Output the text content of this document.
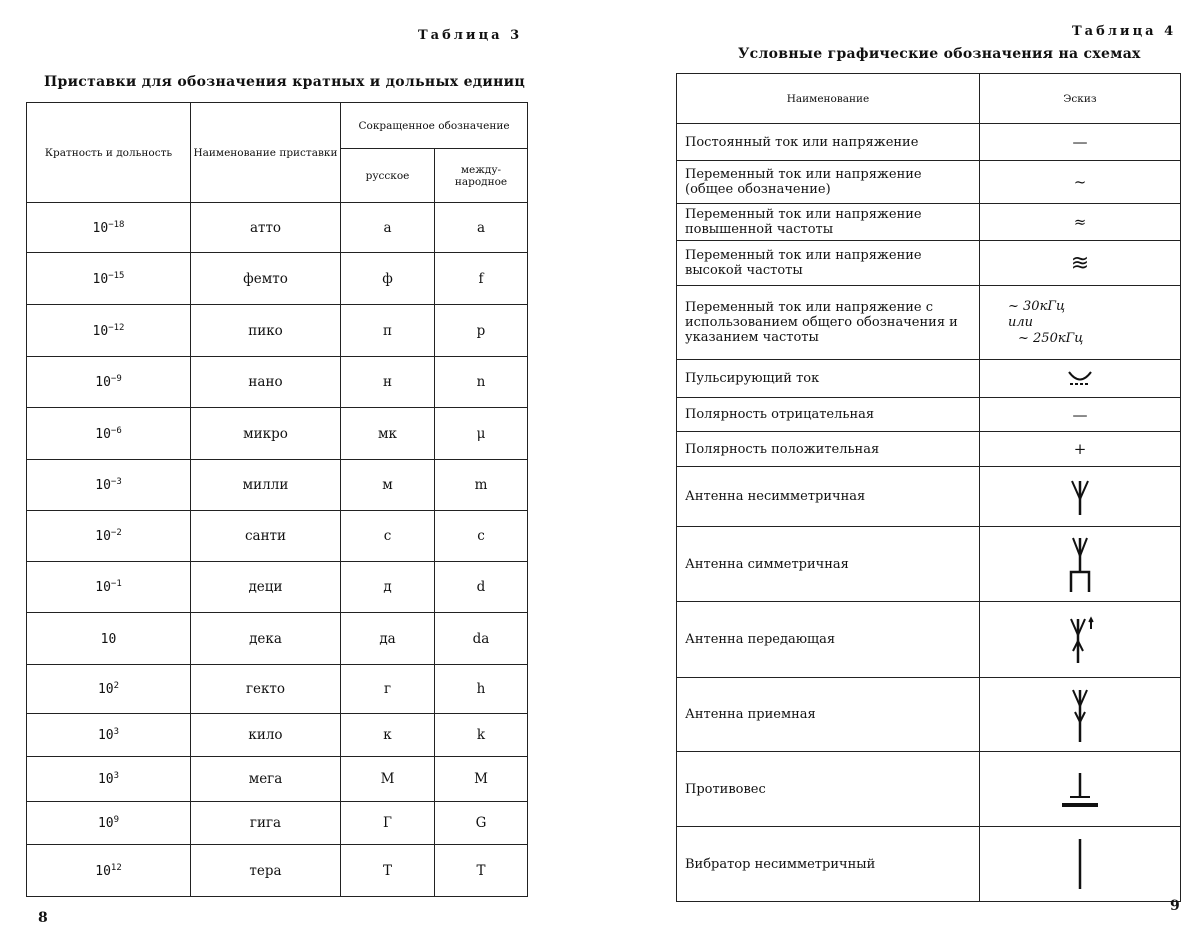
Таблица 3
Приставки для обозначения кратных и дольных единиц
Кратность и дольность	Наименование приставки	Сокращенное обозначение	
		русское	между-народное
$10^{-18}$	атто	а	a
$10^{-15}$	фемто	ф	f
$10^{-12}$	пико	п	p
$10^{-9}$	нано	н	n
$10^{-6}$	микро	мк	μ
$10^{-3}$	милли	м	m
$10^{-2}$	санти	с	c
$10^{-1}$	деци	д	d
10	дека	да	da
$10^2$	гекто	г	h
$10^3$	кило	к	k
$10^3$	мега	М	M
$10^9$	гига	Г	G
$10^{12}$	тера	Т	T
8
Таблица 4
Условные графические обозначения на схемах
Наименование	Эскиз
Постоянный ток или напряжение	—
Переменный ток или напряжение (общее обозначение)	~
Переменный ток или напряжение повышенной частоты	≈
Переменный ток или напряжение высокой частоты	≋
Переменный ток или напряжение с использованием общего обозначения и указанием частоты	~ 30кГц
или
~ 250кГц

Пульсирующий ток	

Полярность отрицательная	—
Полярность положительная	+
Антенна несимметричная	

Антенна симметричная	

Антенна передающая	

Антенна приемная	

Противовес	

Вибратор несимметричный	
9
